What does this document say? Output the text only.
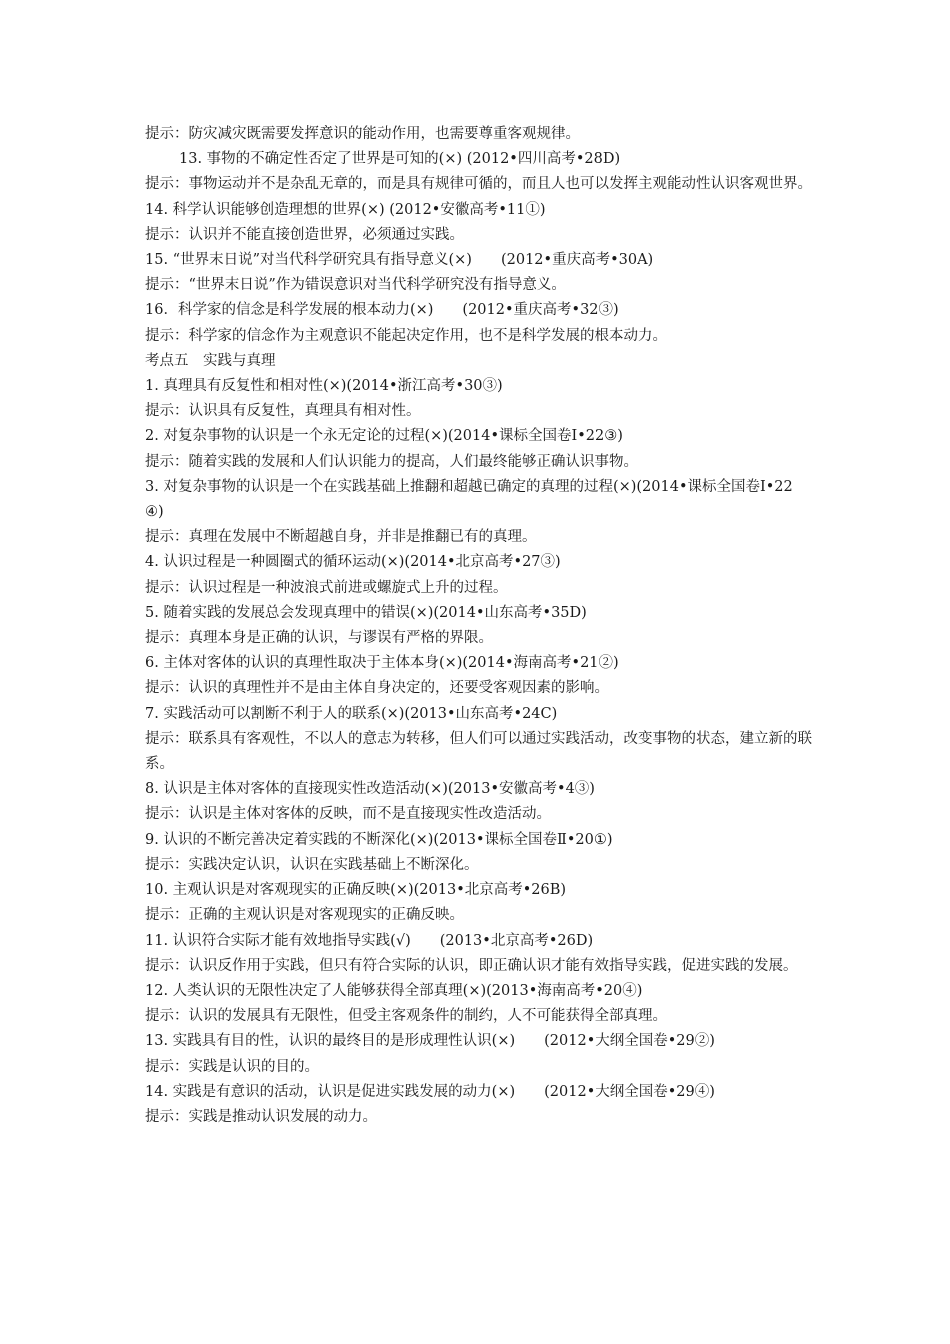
提示：防灾减灾既需要发挥意识的能动作用，也需要尊重客观规律。

13. 事物的不确定性否定了世界是可知的(×) (2012•四川高考•28D)

提示：事物运动并不是杂乱无章的，而是具有规律可循的，而且人也可以发挥主观能动性认识客观世界。

14. 科学认识能够创造理想的世界(×) (2012•安徽高考•11①)

提示：认识并不能直接创造世界，必须通过实践。

15. “世界末日说”对当代科学研究具有指导意义(×)　　(2012•重庆高考•30A)

提示：“世界末日说”作为错误意识对当代科学研究没有指导意义。

16．科学家的信念是科学发展的根本动力(×)　　(2012•重庆高考•32③)

提示：科学家的信念作为主观意识不能起决定作用，也不是科学发展的根本动力。

考点五　实践与真理

1. 真理具有反复性和相对性(×)(2014•浙江高考•30③)

提示：认识具有反复性，真理具有相对性。

2. 对复杂事物的认识是一个永无定论的过程(×)(2014•课标全国卷Ⅰ•22③)

提示：随着实践的发展和人们认识能力的提高，人们最终能够正确认识事物。

3. 对复杂事物的认识是一个在实践基础上推翻和超越已确定的真理的过程(×)(2014•课标全国卷Ⅰ•22 ④)

提示：真理在发展中不断超越自身，并非是推翻已有的真理。

4. 认识过程是一种圆圈式的循环运动(×)(2014•北京高考•27③)

提示：认识过程是一种波浪式前进或螺旋式上升的过程。

5. 随着实践的发展总会发现真理中的错误(×)(2014•山东高考•35D)

提示：真理本身是正确的认识，与谬误有严格的界限。

6. 主体对客体的认识的真理性取决于主体本身(×)(2014•海南高考•21②)

提示：认识的真理性并不是由主体自身决定的，还要受客观因素的影响。

7. 实践活动可以割断不利于人的联系(×)(2013•山东高考•24C)

提示：联系具有客观性，不以人的意志为转移，但人们可以通过实践活动，改变事物的状态，建立新的联系。

8. 认识是主体对客体的直接现实性改造活动(×)(2013•安徽高考•4③)

提示：认识是主体对客体的反映，而不是直接现实性改造活动。

9. 认识的不断完善决定着实践的不断深化(×)(2013•课标全国卷Ⅱ•20①)

提示：实践决定认识，认识在实践基础上不断深化。

10. 主观认识是对客观现实的正确反映(×)(2013•北京高考•26B)

提示：正确的主观认识是对客观现实的正确反映。

11. 认识符合实际才能有效地指导实践(√)　　(2013•北京高考•26D)

提示：认识反作用于实践，但只有符合实际的认识，即正确认识才能有效指导实践，促进实践的发展。

12. 人类认识的无限性决定了人能够获得全部真理(×)(2013•海南高考•20④)

提示：认识的发展具有无限性，但受主客观条件的制约，人不可能获得全部真理。

13. 实践具有目的性，认识的最终目的是形成理性认识(×)　　(2012•大纲全国卷•29②)

提示：实践是认识的目的。

14. 实践是有意识的活动，认识是促进实践发展的动力(×)　　(2012•大纲全国卷•29④)

提示：实践是推动认识发展的动力。
